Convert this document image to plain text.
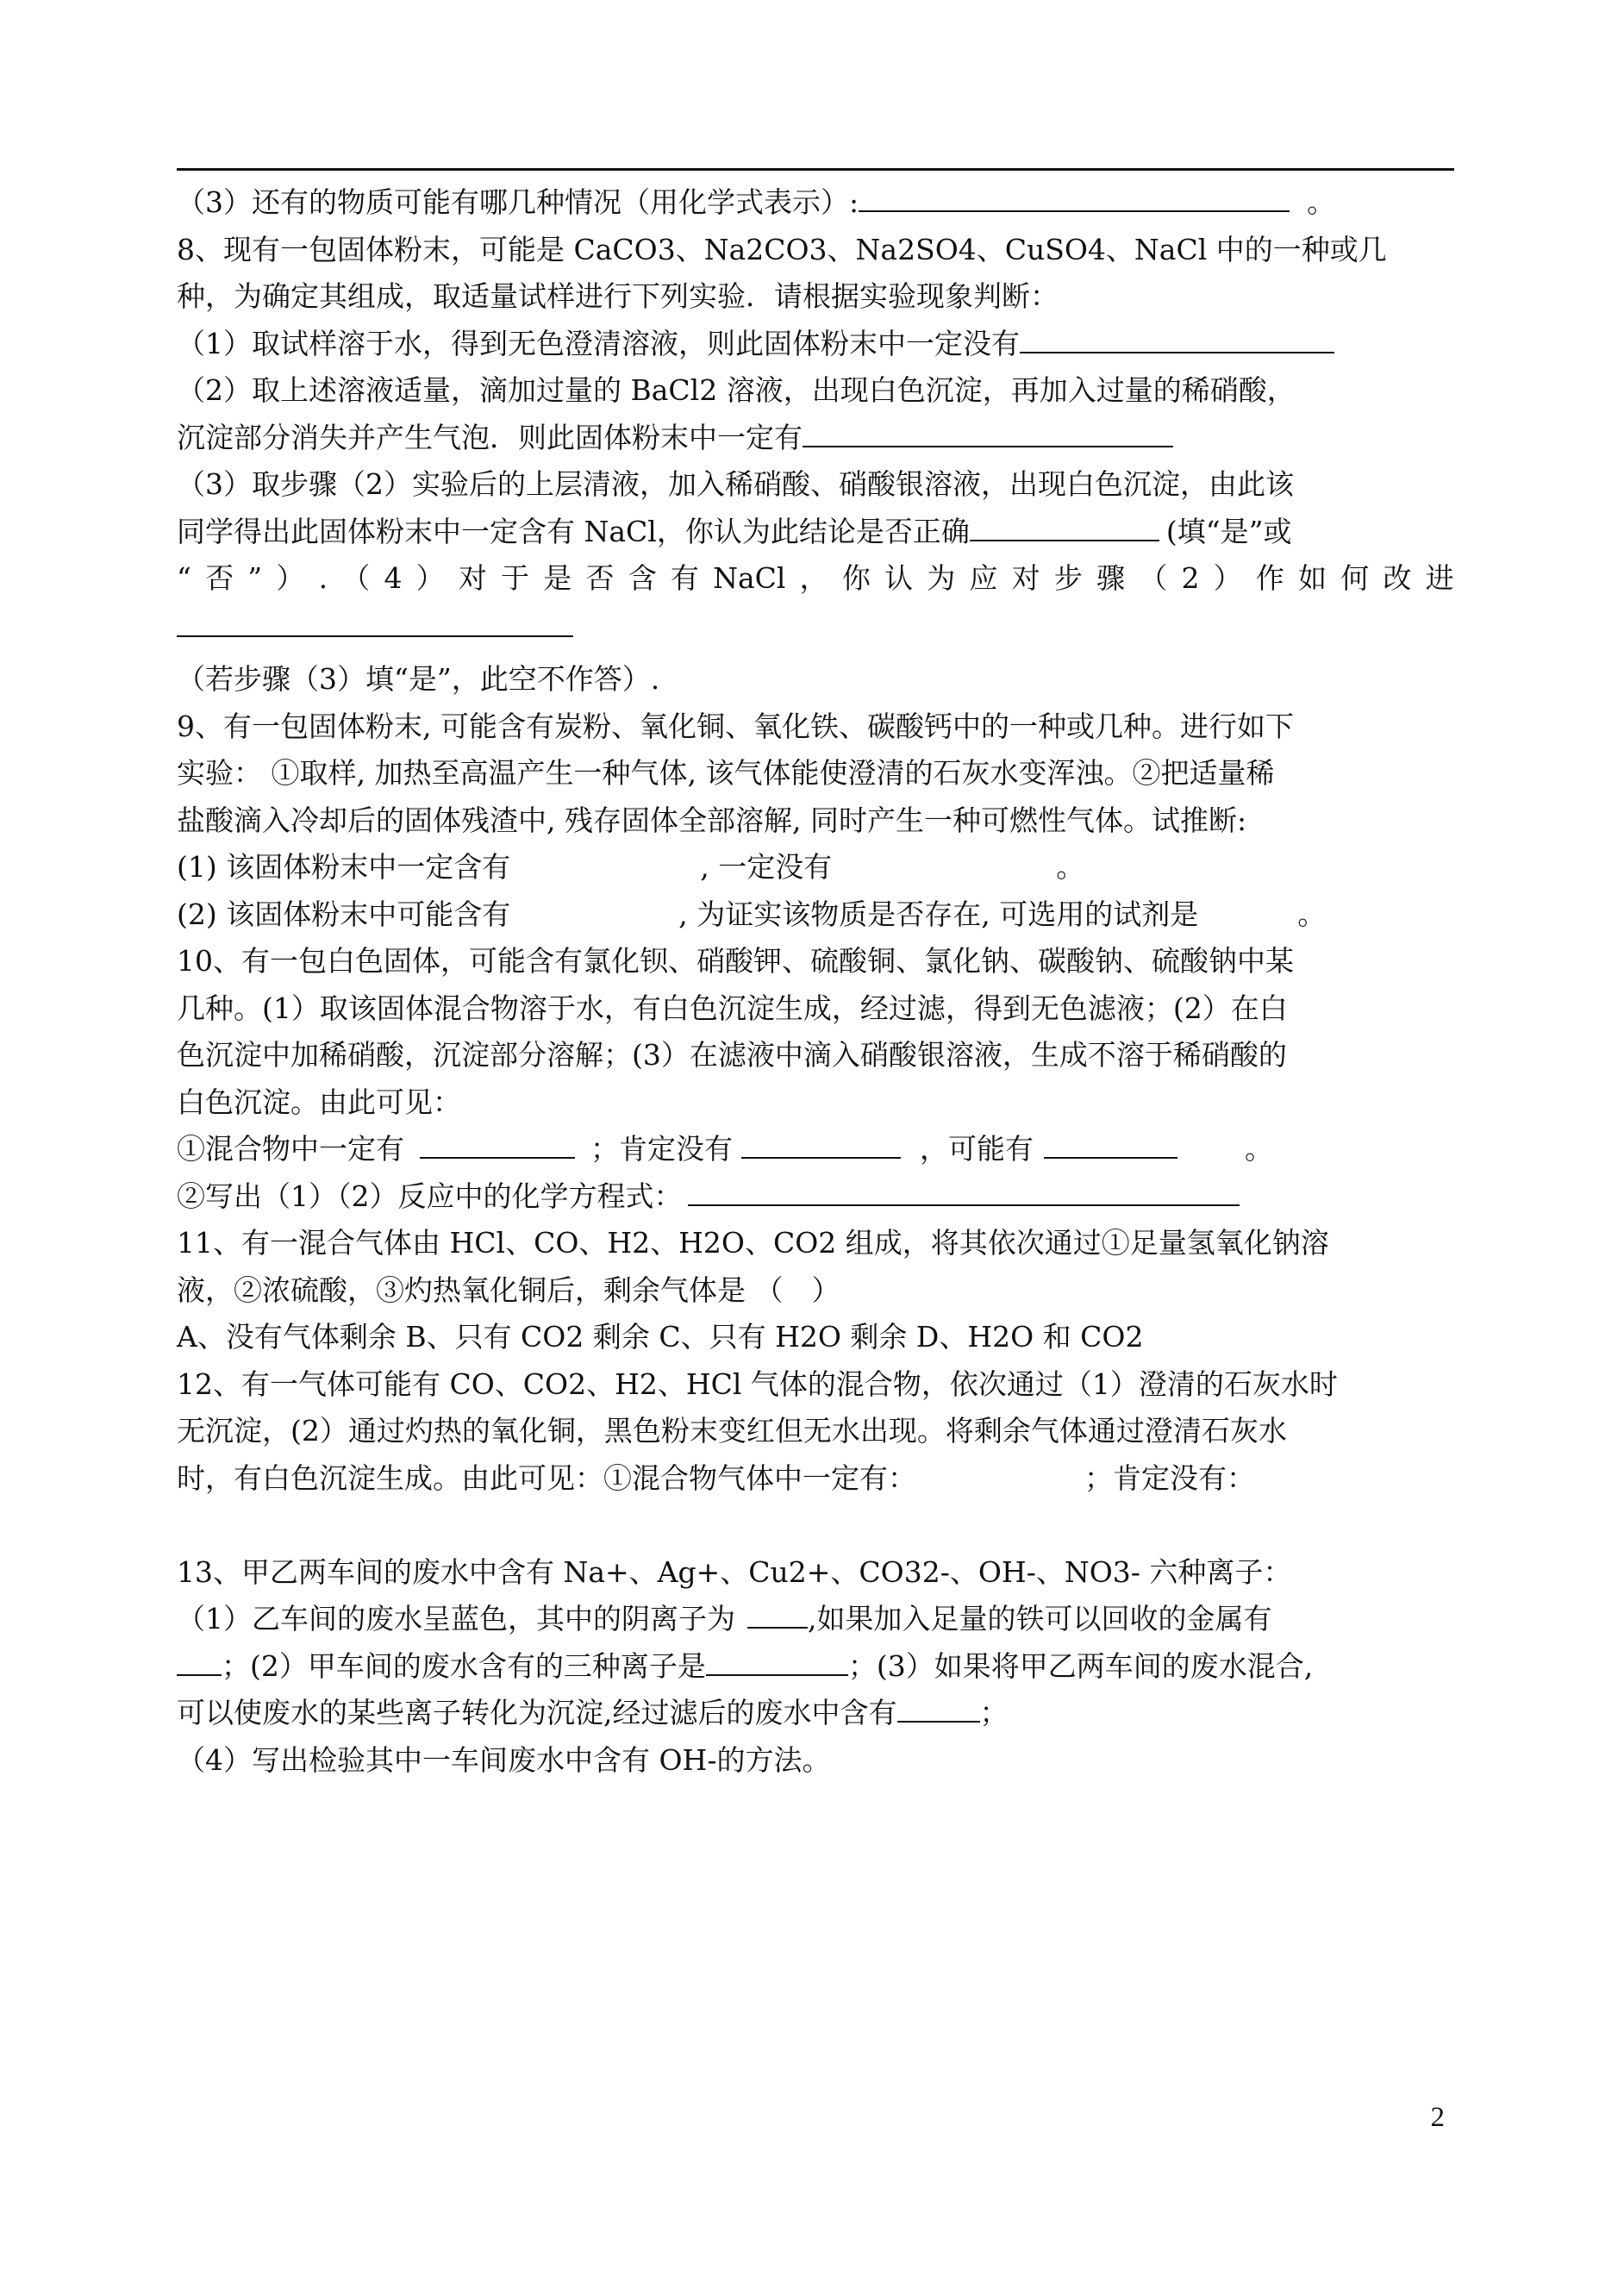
（3）还有的物质可能有哪几种情况（用化学式表示）:	。
8、现有一包固体粉末，可能是 CaCO3、Na2CO3、Na2SO4、CuSO4、NaCl 中的一种或几
种，为确定其组成，取适量试样进行下列实验．请根据实验现象判断：
（1）取试样溶于水，得到无色澄清溶液，则此固体粉末中一定没有
（2）取上述溶液适量，滴加过量的 BaCl2 溶液，出现白色沉淀，再加入过量的稀硝酸，
沉淀部分消失并产生气泡．则此固体粉末中一定有
（3）取步骤（2）实验后的上层清液，加入稀硝酸、硝酸银溶液，出现白色沉淀，由此该
同学得出此固体粉末中一定含有 NaCl，你认为此结论是否正确	(填“是”或
“ 否 ” ） . （ 4 ） 对 于 是 否 含 有 NaCl ， 你 认 为 应 对 步 骤 （ 2 ） 作 如 何 改 进
（若步骤（3）填“是”，此空不作答）.
9、有一包固体粉末, 可能含有炭粉、氧化铜、氧化铁、碳酸钙中的一种或几种。进行如下
实验： ①取样, 加热至高温产生一种气体, 该气体能使澄清的石灰水变浑浊。②把适量稀
盐酸滴入冷却后的固体残渣中, 残存固体全部溶解, 同时产生一种可燃性气体。试推断:
(1) 该固体粉末中一定含有	, 一定没有	。
(2) 该固体粉末中可能含有	, 为证实该物质是否存在, 可选用的试剂是	。
10、有一包白色固体，可能含有氯化钡、硝酸钾、硫酸铜、氯化钠、碳酸钠、硫酸钠中某
几种。(1）取该固体混合物溶于水，有白色沉淀生成，经过滤，得到无色滤液；(2）在白
色沉淀中加稀硝酸，沉淀部分溶解；(3）在滤液中滴入硝酸银溶液，生成不溶于稀硝酸的
白色沉淀。由此可见：
①混合物中一定有	；肯定没有	，可能有	。
②写出（1）（2）反应中的化学方程式：
11、有一混合气体由 HCl、CO、H2、H2O、CO2 组成，将其依次通过①足量氢氧化钠溶
液，②浓硫酸，③灼热氧化铜后，剩余气体是 （　）
A、没有气体剩余 B、只有 CO2 剩余 C、只有 H2O 剩余 D、H2O 和 CO2
12、有一气体可能有 CO、CO2、H2、HCl 气体的混合物，依次通过（1）澄清的石灰水时
无沉淀，(2）通过灼热的氧化铜，黑色粉末变红但无水出现。将剩余气体通过澄清石灰水
时，有白色沉淀生成。由此可见：①混合物气体中一定有：	；肯定没有：
13、甲乙两车间的废水中含有 Na+、Ag+、Cu2+、CO32-、OH-、NO3- 六种离子：
（1）乙车间的废水呈蓝色，其中的阴离子为	,如果加入足量的铁可以回收的金属有
；(2）甲车间的废水含有的三种离子是	；(3）如果将甲乙两车间的废水混合,
可以使废水的某些离子转化为沉淀,经过滤后的废水中含有	；
（4）写出检验其中一车间废水中含有 OH-的方法。
2
